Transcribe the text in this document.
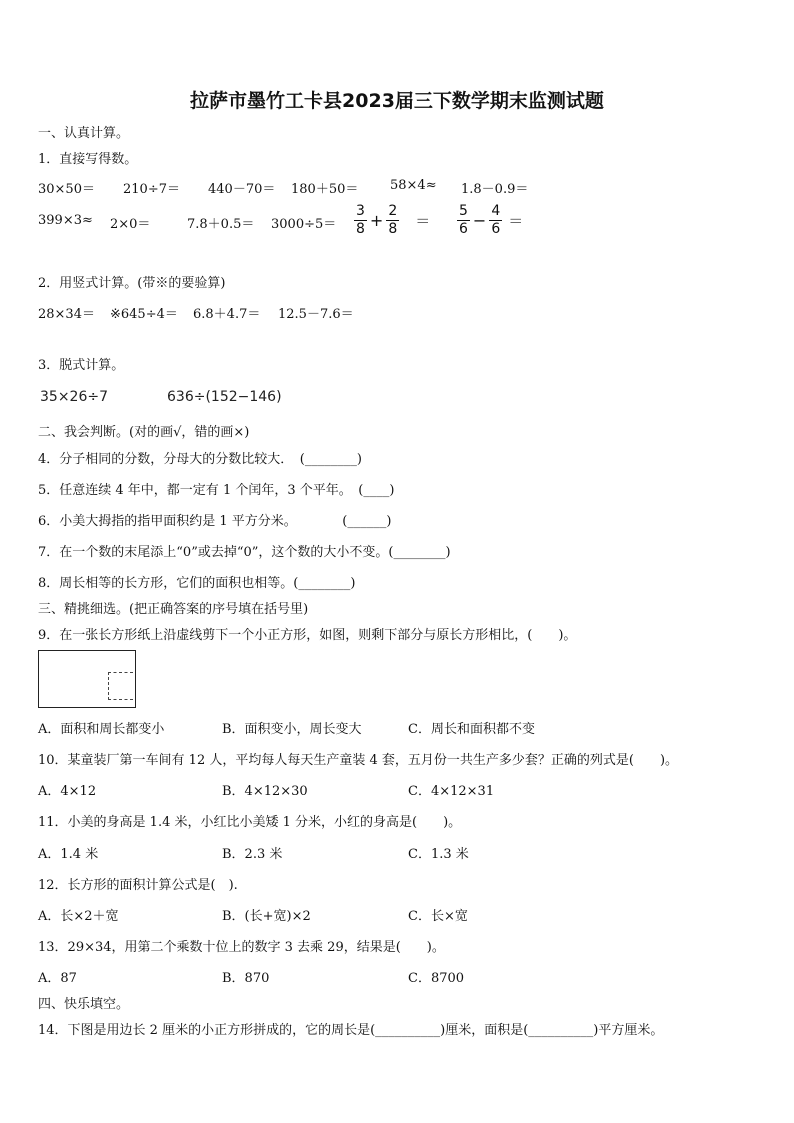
拉萨市墨竹工卡县2023届三下数学期末监测试题
一、认真计算。
1．直接写得数。
30×50＝ 210÷7＝ 440－70＝ 180＋50＝ 58×4≈ 1.8－0.9＝
399×3≈ 2×0＝	$7.8+0.5= 3000\div 5= \frac{3}{8} + \frac{2}{8} = \frac{5}{6} - \frac{4}{6}$ ＝
2．用竖式计算。(带※的要验算)
28×34＝ ※645÷4＝ 6.8＋4.7＝ 12.5－7.6＝
3．脱式计算。
35×26÷7	636÷(152−146)
二、我会判断。(对的画√，错的画×)
4．分子相同的分数，分母大的分数比较大．　(________)
5．任意连续 4 年中，都一定有 1 个闰年，3 个平年。　(____)
6．小美大拇指的指甲面积约是 1 平方分米。　　　　(______)
7．在一个数的末尾添上“0”或去掉“0”，这个数的大小不变。(________)
8．周长相等的长方形，它们的面积也相等。(________)
三、精挑细选。(把正确答案的序号填在括号里)
9．在一张长方形纸上沿虚线剪下一个小正方形，如图，则剩下部分与原长方形相比，(　　)。
A．面积和周长都变小	B．面积变小，周长变大	C．周长和面积都不变
10．某童装厂第一车间有 12 人，平均每人每天生产童装 4 套，五月份一共生产多少套？正确的列式是(　　)。
A．4×12	B．4×12×30	C．4×12×31
11．小美的身高是 1.4 米，小红比小美矮 1 分米，小红的身高是(　　)。
A．1.4 米	B．2.3 米	C．1.3 米
12．长方形的面积计算公式是(　).
A．长×2＋宽	B．(长+宽)×2	C．长×宽
13．29×34，用第二个乘数十位上的数字 3 去乘 29，结果是(　　)。
A．87	B．870	C．8700
四、快乐填空。
14．下图是用边长 2 厘米的小正方形拼成的，它的周长是(__________)厘米，面积是(__________)平方厘米。
